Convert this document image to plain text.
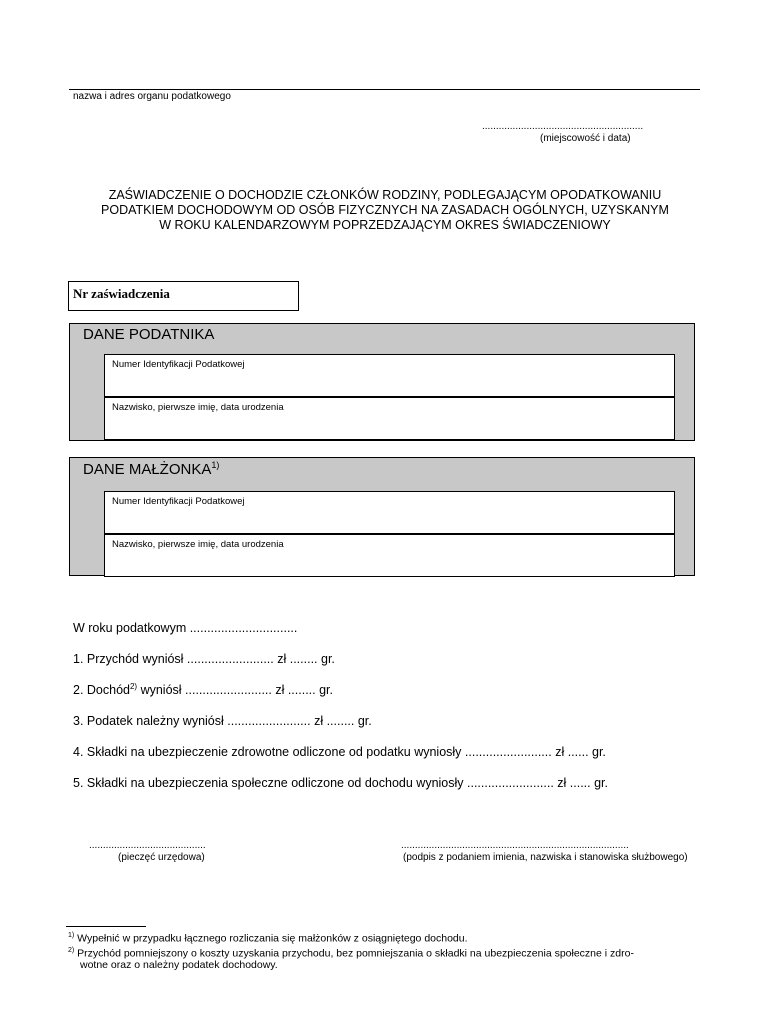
nazwa i adres organu podatkowego
..........................................................
(miejscowość i data)
ZAŚWIADCZENIE O DOCHODZIE CZŁONKÓW RODZINY, PODLEGAJĄCYM OPODATKOWANIU
PODATKIEM DOCHODOWYM OD OSÓB FIZYCZNYCH NA ZASADACH OGÓLNYCH, UZYSKANYM
W ROKU KALENDARZOWYM POPRZEDZAJĄCYM OKRES ŚWIADCZENIOWY
Nr zaświadczenia
DANE PODATNIKA
Numer Identyfikacji Podatkowej
Nazwisko, pierwsze imię, data urodzenia
DANE MAŁŻONKA$^{1)}$
Numer Identyfikacji Podatkowej
Nazwisko, pierwsze imię, data urodzenia
W roku podatkowym ...............................
1. Przychód wyniósł ......................... zł ........ gr.
2. Dochód$^{2)}$ wyniósł ......................... zł ........ gr.
3. Podatek należny wyniósł ........................ zł ........ gr.
4. Składki na ubezpieczenie zdrowotne odliczone od podatku wyniosły ......................... zł ...... gr.
5. Składki na ubezpieczenia społeczne odliczone od dochodu wyniosły ......................... zł ...... gr.
..........................................
(pieczęć urzędowa)
..................................................................................
(podpis z podaniem imienia, nazwiska i stanowiska służbowego)
$^{1)}$ Wypełnić w przypadku łącznego rozliczania się małżonków z osiągniętego dochodu.
$^{2)}$ Przychód pomniejszony o koszty uzyskania przychodu, bez pomniejszania o składki na ubezpieczenia społeczne i zdro-
wotne oraz o należny podatek dochodowy.
